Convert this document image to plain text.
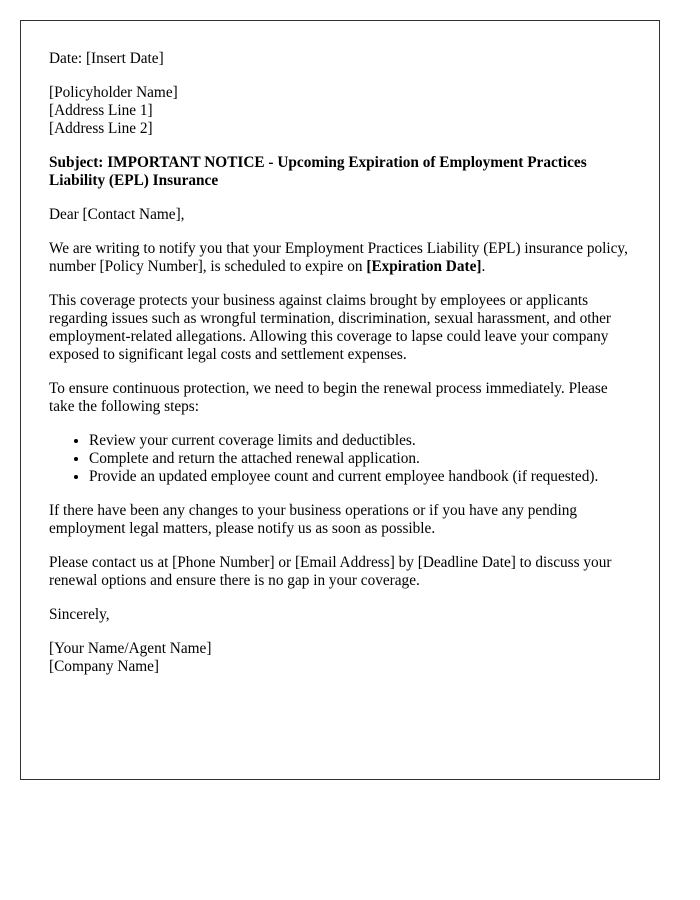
Date: [Insert Date]

[Policyholder Name]
[Address Line 1]
[Address Line 2]

Subject: IMPORTANT NOTICE - Upcoming Expiration of Employment Practices Liability (EPL) Insurance

Dear [Contact Name],

We are writing to notify you that your Employment Practices Liability (EPL) insurance policy, number [Policy Number], is scheduled to expire on [Expiration Date].

This coverage protects your business against claims brought by employees or applicants regarding issues such as wrongful termination, discrimination, sexual harassment, and other employment-related allegations. Allowing this coverage to lapse could leave your company exposed to significant legal costs and settlement expenses.

To ensure continuous protection, we need to begin the renewal process immediately. Please take the following steps:

• Review your current coverage limits and deductibles.
• Complete and return the attached renewal application.
• Provide an updated employee count and current employee handbook (if requested).

If there have been any changes to your business operations or if you have any pending employment legal matters, please notify us as soon as possible.

Please contact us at [Phone Number] or [Email Address] by [Deadline Date] to discuss your renewal options and ensure there is no gap in your coverage.

Sincerely,

[Your Name/Agent Name]
[Company Name]
